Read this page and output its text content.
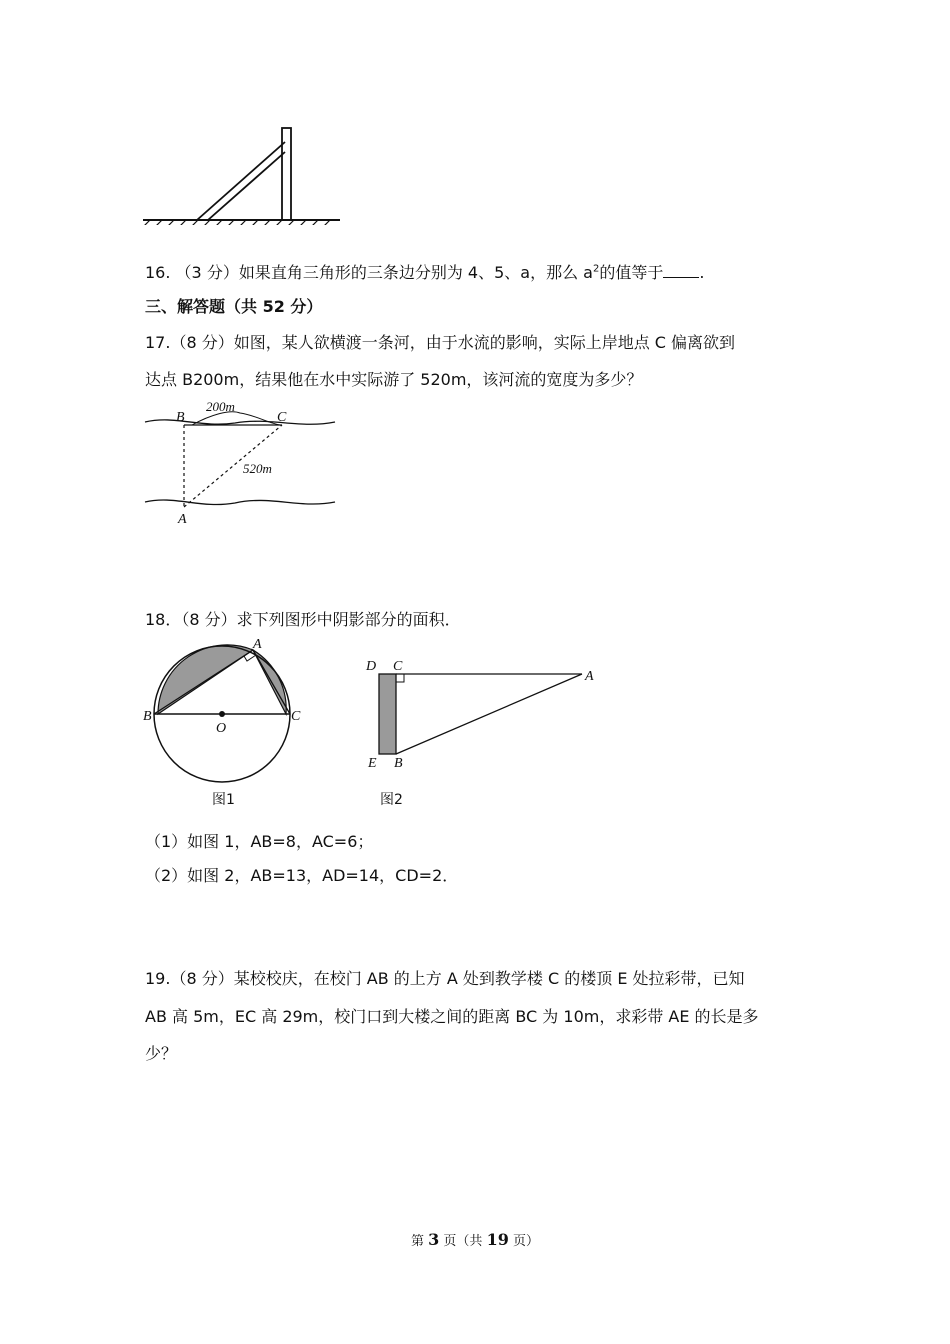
16. （3 分）如果直角三角形的三条边分别为 4、5、a，那么 $a^2$的值等于 .
三、解答题（共 52 分）
17.（8 分）如图，某人欲横渡一条河，由于水流的影响，实际上岸地点 C 偏离欲到
达点 B200m，结果他在水中实际游了 520m，该河流的宽度为多少？
B	C
A
200m
520m
18．（8 分）求下列图形中阴影部分的面积．
A
B	C
O
图1
D C
A
E B
图2
（1）如图 1，AB=8，AC=6；
（2）如图 2，AB=13，AD=14，CD=2．
19.（8 分）某校校庆，在校门 AB 的上方 A 处到教学楼 C 的楼顶 E 处拉彩带，已知
AB 高 5m，EC 高 29m，校门口到大楼之间的距离 BC 为 10m，求彩带 AE 的长是多
少？
第 3 页（共 19 页）
